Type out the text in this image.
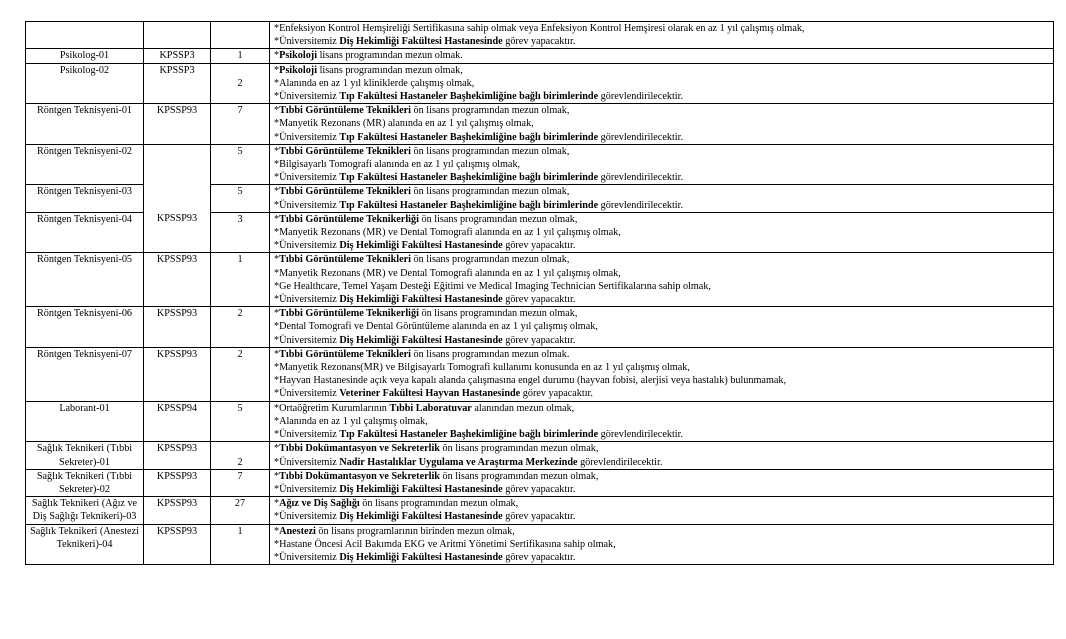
			*Enfeksiyon Kontrol Hemşireliği Sertifikasına sahip olmak veya Enfeksiyon Kontrol Hemşiresi olarak en az 1 yıl çalışmış olmak,
*Üniversitemiz Diş Hekimliği Fakültesi Hastanesinde görev yapacaktır.

Psikolog-01	KPSSP3	1	*Psikoloji lisans programından mezun olmak.

Psikolog-02	KPSSP3	2	*Psikoloji lisans programından mezun olmak,
*Alanında en az 1 yıl kliniklerde çalışmış olmak,
*Üniversitemiz Tıp Fakültesi Hastaneler Başhekimliğine bağlı birimlerinde görevlendirilecektir.

Röntgen Teknisyeni-01	KPSSP93	7	*Tıbbi Görüntüleme Teknikleri ön lisans programından mezun olmak,
*Manyetik Rezonans (MR) alanında en az 1 yıl çalışmış olmak,
*Üniversitemiz Tıp Fakültesi Hastaneler Başhekimliğine bağlı birimlerinde görevlendirilecektir.

Röntgen Teknisyeni-02		5	*Tıbbi Görüntüleme Teknikleri ön lisans programından mezun olmak,
*Bilgisayarlı Tomografi alanında en az 1 yıl çalışmış olmak,
*Üniversitemiz Tıp Fakültesi Hastaneler Başhekimliğine bağlı birimlerinde görevlendirilecektir.

Röntgen Teknisyeni-03		5	*Tıbbi Görüntüleme Teknikleri ön lisans programından mezun olmak,
*Üniversitemiz Tıp Fakültesi Hastaneler Başhekimliğine bağlı birimlerinde görevlendirilecektir.

Röntgen Teknisyeni-04	KPSSP93	3	*Tıbbi Görüntüleme Teknikerliği ön lisans programından mezun olmak,
*Manyetik Rezonans (MR) ve Dental Tomografi alanında en az 1 yıl çalışmış olmak,
*Üniversitemiz Diş Hekimliği Fakültesi Hastanesinde görev yapacaktır.

Röntgen Teknisyeni-05	KPSSP93	1	*Tıbbi Görüntüleme Teknikleri ön lisans programından mezun olmak,
*Manyetik Rezonans (MR) ve Dental Tomografi alanında en az 1 yıl çalışmış olmak,
*Ge Healthcare, Temel Yaşam Desteği Eğitimi ve Medical Imaging Technician Sertifikalarına sahip olmak,
*Üniversitemiz Diş Hekimliği Fakültesi Hastanesinde görev yapacaktır.

Röntgen Teknisyeni-06	KPSSP93	2	*Tıbbi Görüntüleme Teknikerliği ön lisans programından mezun olmak,
*Dental Tomografi ve Dental Görüntüleme alanında en az 1 yıl çalışmış olmak,
*Üniversitemiz Diş Hekimliği Fakültesi Hastanesinde görev yapacaktır.

Röntgen Teknisyeni-07	KPSSP93	2	*Tıbbi Görüntüleme Teknikleri ön lisans programından mezun olmak.
*Manyetik Rezonans(MR) ve Bilgisayarlı Tomografi kullanımı konusunda en az 1 yıl çalışmış olmak,
*Hayvan Hastanesinde açık veya kapalı alanda çalışmasına engel durumu (hayvan fobisi, alerjisi veya hastalık) bulunmamak,
*Üniversitemiz Veteriner Fakültesi Hayvan Hastanesinde görev yapacaktır.

Laborant-01	KPSSP94	5	*Ortaöğretim Kurumlarının Tıbbi Laboratuvar alanından mezun olmak,
*Alanında en az 1 yıl çalışmış olmak,
*Üniversitemiz Tıp Fakültesi Hastaneler Başhekimliğine bağlı birimlerinde görevlendirilecektir.

Sağlık Teknikeri (Tıbbi Sekreter)-01	KPSSP93	2	*Tıbbi Dokümantasyon ve Sekreterlik ön lisans programından mezun olmak,
*Üniversitemiz Nadir Hastalıklar Uygulama ve Araştırma Merkezinde görevlendirilecektir.

Sağlık Teknikeri (Tıbbi Sekreter)-02	KPSSP93	7	*Tıbbi Dokümantasyon ve Sekreterlik ön lisans programından mezun olmak,
*Üniversitemiz Diş Hekimliği Fakültesi Hastanesinde görev yapacaktır.

Sağlık Teknikeri (Ağız ve Diş Sağlığı Teknikeri)-03	KPSSP93	27	*Ağız ve Diş Sağlığı ön lisans programından mezun olmak,
*Üniversitemiz Diş Hekimliği Fakültesi Hastanesinde görev yapacaktır.

Sağlık Teknikeri (Anestezi Teknikeri)-04	KPSSP93	1	*Anestezi ön lisans programlarının birinden mezun olmak,
*Hastane Öncesi Acil Bakımda EKG ve Aritmi Yönetimi Sertifikasına sahip olmak,
*Üniversitemiz Diş Hekimliği Fakültesi Hastanesinde görev yapacaktır.
